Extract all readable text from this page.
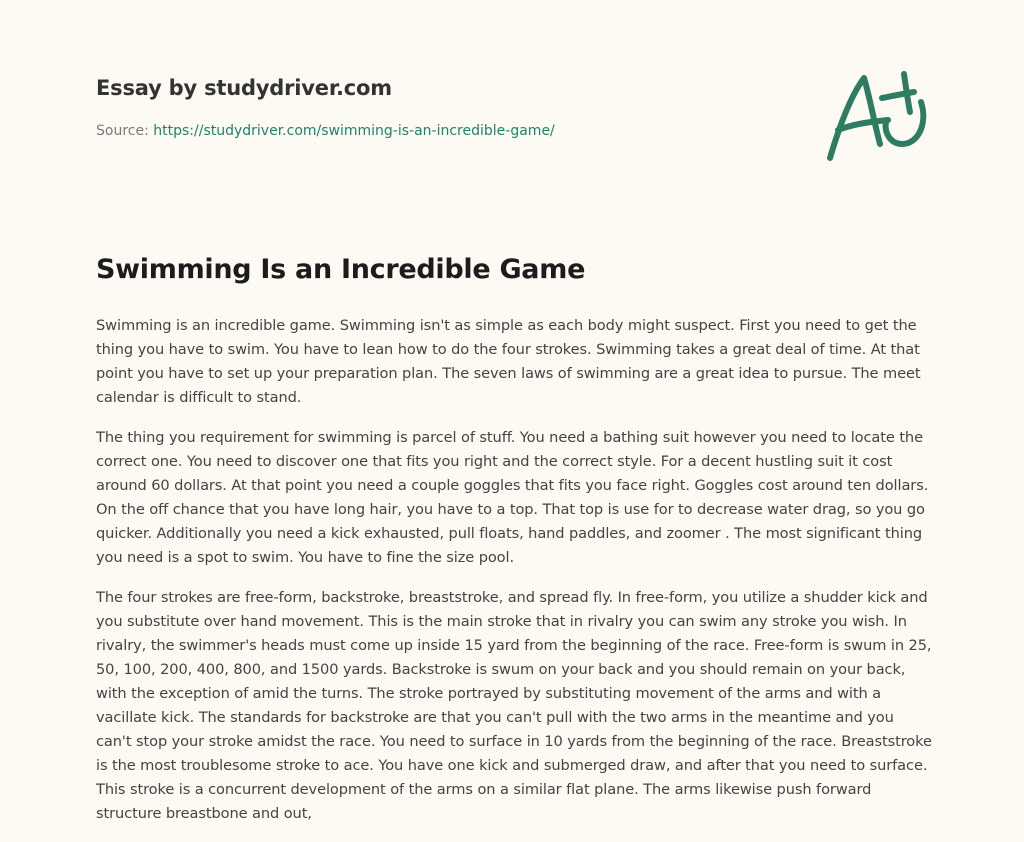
Essay by studydriver.com
Source: https://studydriver.com/swimming-is-an-incredible-game/
Swimming Is an Incredible Game

Swimming is an incredible game. Swimming isn't as simple as each body might suspect. First you need to get the thing you have to swim. You have to lean how to do the four strokes. Swimming takes a great deal of time. At that point you have to set up your preparation plan. The seven laws of swimming are a great idea to pursue. The meet calendar is difficult to stand.

The thing you requirement for swimming is parcel of stuff. You need a bathing suit however you need to locate the correct one. You need to discover one that fits you right and the correct style. For a decent hustling suit it cost around 60 dollars. At that point you need a couple goggles that fits you face right. Goggles cost around ten dollars. On the off chance that you have long hair, you have to a top. That top is use for to decrease water drag, so you go quicker. Additionally you need a kick exhausted, pull floats, hand paddles, and zoomer . The most significant thing you need is a spot to swim. You have to fine the size pool.

The four strokes are free-form, backstroke, breaststroke, and spread fly. In free-form, you utilize a shudder kick and you substitute over hand movement. This is the main stroke that in rivalry you can swim any stroke you wish. In rivalry, the swimmer's heads must come up inside 15 yard from the beginning of the race. Free-form is swum in 25, 50, 100, 200, 400, 800, and 1500 yards. Backstroke is swum on your back and you should remain on your back, with the exception of amid the turns. The stroke portrayed by substituting movement of the arms and with a vacillate kick. The standards for backstroke are that you can't pull with the two arms in the meantime and you can't stop your stroke amidst the race. You need to surface in 10 yards from the beginning of the race. Breaststroke is the most troublesome stroke to ace. You have one kick and submerged draw, and after that you need to surface. This stroke is a concurrent development of the arms on a similar flat plane. The arms likewise push forward structure breastbone and out,
